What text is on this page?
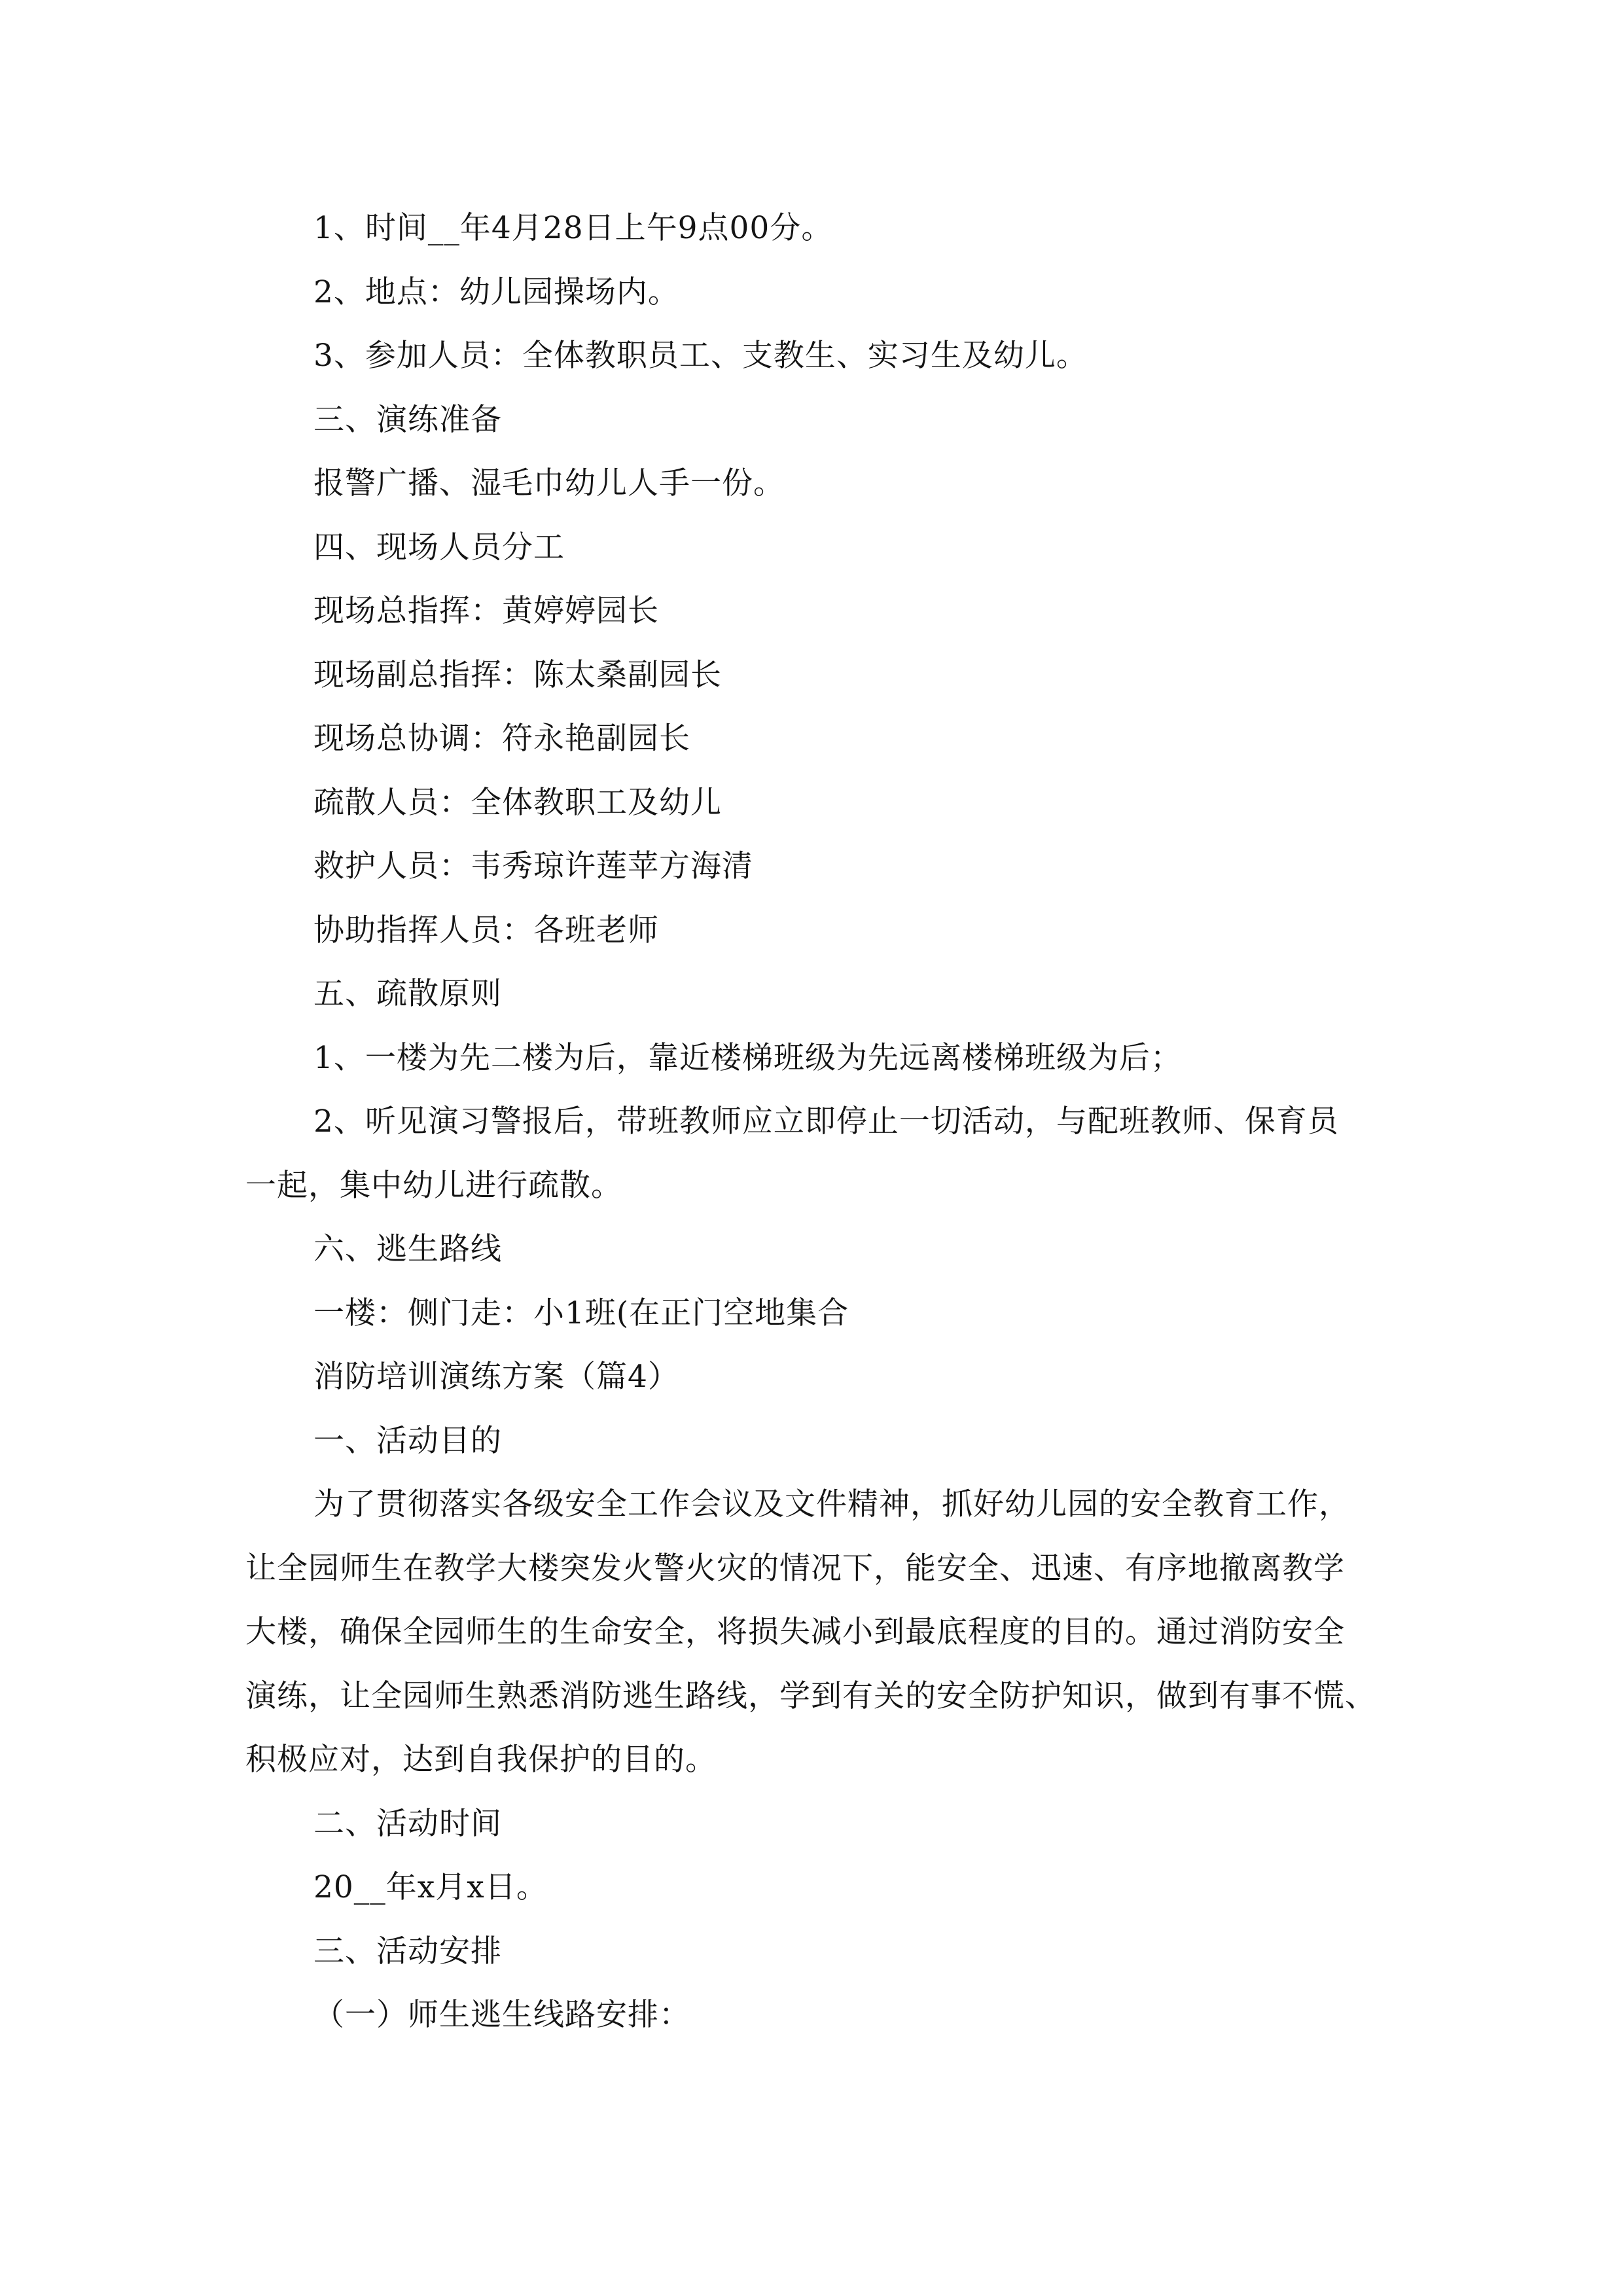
1、时间__年4月28日上午9点00分。
2、地点：幼儿园操场内。
3、参加人员：全体教职员工、支教生、实习生及幼儿。
三、演练准备
报警广播、湿毛巾幼儿人手一份。
四、现场人员分工
现场总指挥：黄婷婷园长
现场副总指挥：陈太桑副园长
现场总协调：符永艳副园长
疏散人员：全体教职工及幼儿
救护人员：韦秀琼许莲苹方海清
协助指挥人员：各班老师
五、疏散原则
1、一楼为先二楼为后，靠近楼梯班级为先远离楼梯班级为后；
2、听见演习警报后，带班教师应立即停止一切活动，与配班教师、保育员
一起，集中幼儿进行疏散。
六、逃生路线
一楼：侧门走：小1班(在正门空地集合
消防培训演练方案（篇4）
一、活动目的
为了贯彻落实各级安全工作会议及文件精神，抓好幼儿园的安全教育工作，
让全园师生在教学大楼突发火警火灾的情况下，能安全、迅速、有序地撤离教学
大楼，确保全园师生的生命安全，将损失减小到最底程度的目的。通过消防安全
演练，让全园师生熟悉消防逃生路线，学到有关的安全防护知识，做到有事不慌、
积极应对，达到自我保护的目的。
二、活动时间
20__年x月x日。
三、活动安排
（一）师生逃生线路安排：
